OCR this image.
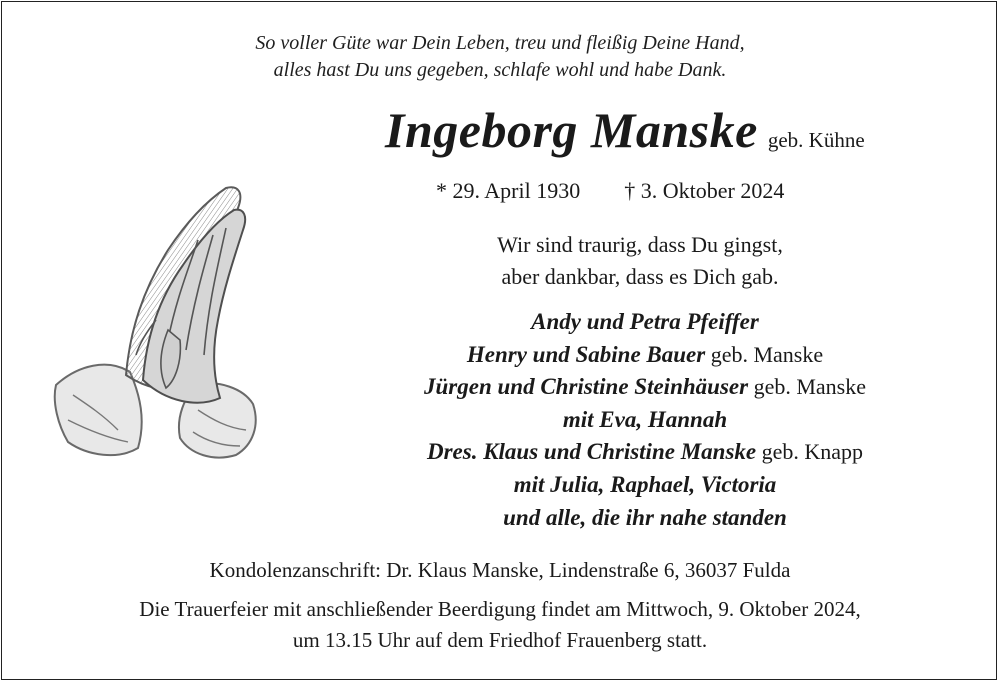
So voller Güte war Dein Leben, treu und fleißig Deine Hand,
alles hast Du uns gegeben, schlafe wohl und habe Dank.
Ingeborg Manske geb. Kühne
* 29. April 1930 † 3. Oktober 2024
Wir sind traurig, dass Du gingst,
aber dankbar, dass es Dich gab.
Andy und Petra Pfeiffer
Henry und Sabine Bauer geb. Manske
Jürgen und Christine Steinhäuser geb. Manske
mit Eva, Hannah
Dres. Klaus und Christine Manske geb. Knapp
mit Julia, Raphael, Victoria
und alle, die ihr nahe standen
Kondolenzanschrift: Dr. Klaus Manske, Lindenstraße 6, 36037 Fulda
Die Trauerfeier mit anschließender Beerdigung findet am Mittwoch, 9. Oktober 2024,
um 13.15 Uhr auf dem Friedhof Frauenberg statt.
